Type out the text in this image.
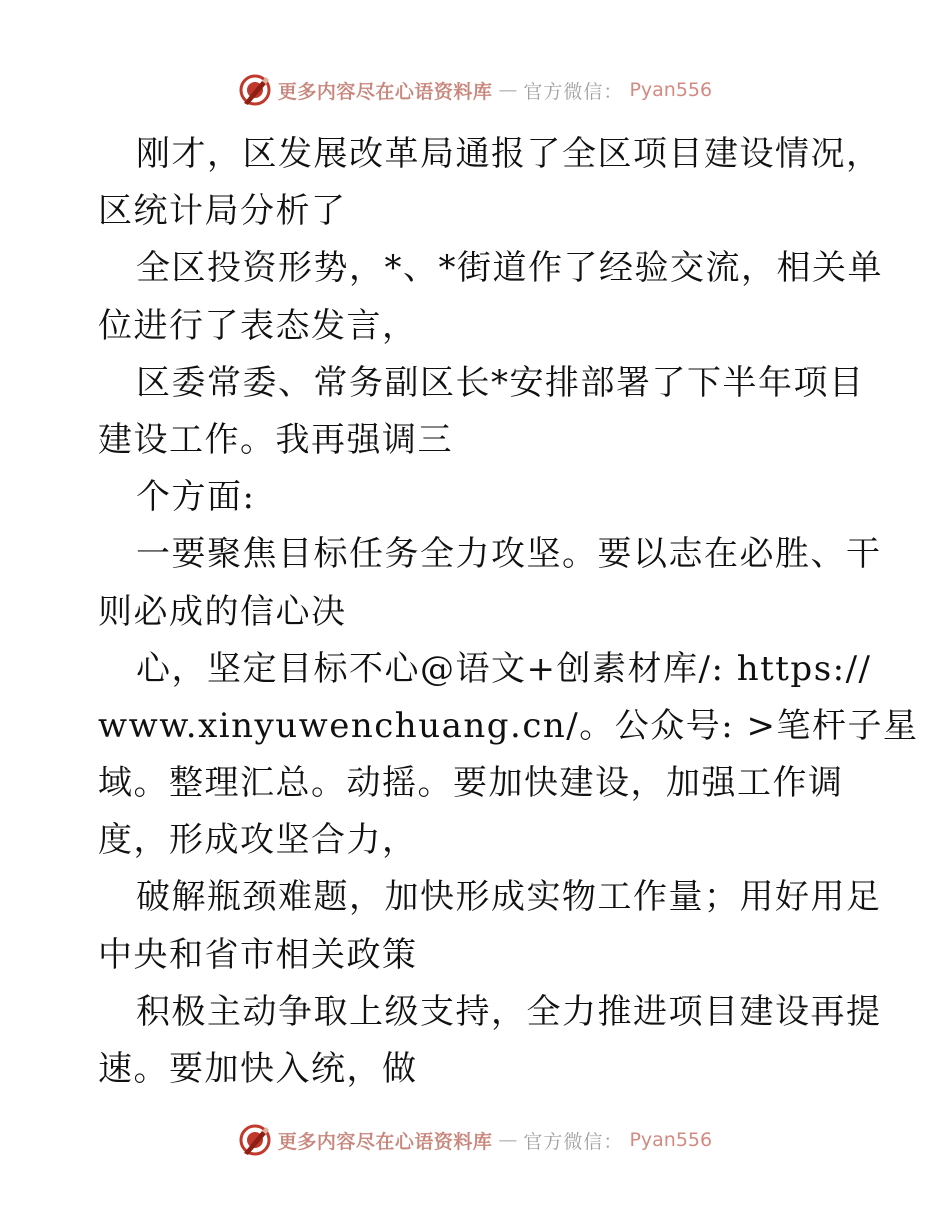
更多内容尽在心语资料库 — 官方微信： Pyan556
刚才，区发展改革局通报了全区项目建设情况，
区统计局分析了
全区投资形势，*、*街道作了经验交流，相关单
位进行了表态发言，
区委常委、常务副区长*安排部署了下半年项目
建设工作。我再强调三
个方面:
一要聚焦目标任务全力攻坚。要以志在必胜、干
则必成的信心决
心，坚定目标不心@语文+创素材库/: https://
www.xinyuwenchuang.cn/。公众号: >笔杆子星
域。整理汇总。动摇。要加快建设，加强工作调
度，形成攻坚合力，
破解瓶颈难题，加快形成实物工作量；用好用足
中央和省市相关政策
积极主动争取上级支持，全力推进项目建设再提
速。要加快入统，做
更多内容尽在心语资料库 — 官方微信： Pyan556
